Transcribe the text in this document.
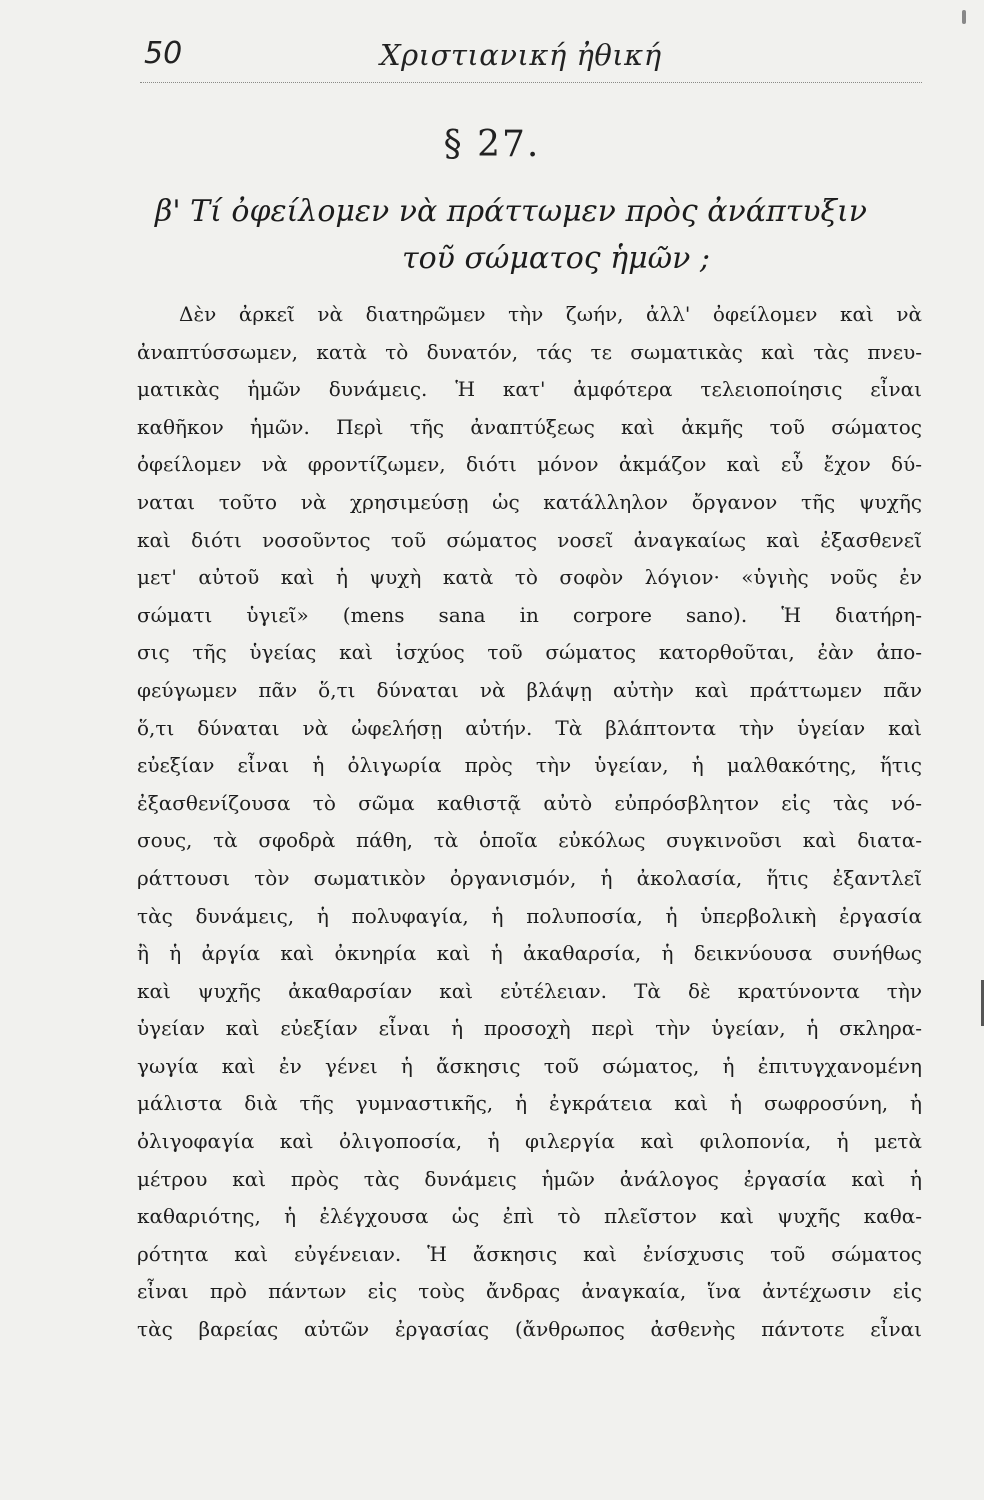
50	Χριστιανική ἠθική
§ 27.
β' Τί ὀφείλομεν νὰ πράττωμεν πρὸς ἀνάπτυξιν
τοῦ σώματος ἡμῶν ;
Δὲν ἀρκεῖ νὰ διατηρῶμεν τὴν ζωήν, ἀλλ' ὀφείλομεν καὶ νὰ
ἀναπτύσσωμεν, κατὰ τὸ δυνατόν, τάς τε σωματικὰς καὶ τὰς πνευ-
ματικὰς ἡμῶν δυνάμεις. Ἡ κατ' ἀμφότερα τελειοποίησις εἶναι
καθῆκον ἡμῶν. Περὶ τῆς ἀναπτύξεως καὶ ἀκμῆς τοῦ σώματος
ὀφείλομεν νὰ φροντίζωμεν, διότι μόνον ἀκμάζον καὶ εὖ ἔχον δύ-
ναται τοῦτο νὰ χρησιμεύσῃ ὡς κατάλληλον ὄργανον τῆς ψυχῆς
καὶ διότι νοσοῦντος τοῦ σώματος νοσεῖ ἀναγκαίως καὶ ἐξασθενεῖ
μετ' αὐτοῦ καὶ ἡ ψυχὴ κατὰ τὸ σοφὸν λόγιον· «ὑγιὴς νοῦς ἐν
σώματι ὑγιεῖ» (mens sana in corpore sano). Ἡ διατήρη-
σις τῆς ὑγείας καὶ ἰσχύος τοῦ σώματος κατορθοῦται, ἐὰν ἀπο-
φεύγωμεν πᾶν ὅ,τι δύναται νὰ βλάψῃ αὐτὴν καὶ πράττωμεν πᾶν
ὅ,τι δύναται νὰ ὠφελήσῃ αὐτήν. Τὰ βλάπτοντα τὴν ὑγείαν καὶ
εὐεξίαν εἶναι ἡ ὀλιγωρία πρὸς τὴν ὑγείαν, ἡ μαλθακότης, ἥτις
ἐξασθενίζουσα τὸ σῶμα καθιστᾷ αὐτὸ εὐπρόσβλητον εἰς τὰς νό-
σους, τὰ σφοδρὰ πάθη, τὰ ὁποῖα εὐκόλως συγκινοῦσι καὶ διατα-
ράττουσι τὸν σωματικὸν ὀργανισμόν, ἡ ἀκολασία, ἥτις ἐξαντλεῖ
τὰς δυνάμεις, ἡ πολυφαγία, ἡ πολυποσία, ἡ ὑπερβολικὴ ἐργασία
ἢ ἡ ἀργία καὶ ὀκνηρία καὶ ἡ ἀκαθαρσία, ἡ δεικνύουσα συνήθως
καὶ ψυχῆς ἀκαθαρσίαν καὶ εὐτέλειαν. Τὰ δὲ κρατύνοντα τὴν
ὑγείαν καὶ εὐεξίαν εἶναι ἡ προσοχὴ περὶ τὴν ὑγείαν, ἡ σκληρα-
γωγία καὶ ἐν γένει ἡ ἄσκησις τοῦ σώματος, ἡ ἐπιτυγχανομένη
μάλιστα διὰ τῆς γυμναστικῆς, ἡ ἐγκράτεια καὶ ἡ σωφροσύνη, ἡ
ὀλιγοφαγία καὶ ὀλιγοποσία, ἡ φιλεργία καὶ φιλοπονία, ἡ μετὰ
μέτρου καὶ πρὸς τὰς δυνάμεις ἡμῶν ἀνάλογος ἐργασία καὶ ἡ
καθαριότης, ἡ ἐλέγχουσα ὡς ἐπὶ τὸ πλεῖστον καὶ ψυχῆς καθα-
ρότητα καὶ εὐγένειαν. Ἡ ἄσκησις καὶ ἐνίσχυσις τοῦ σώματος
εἶναι πρὸ πάντων εἰς τοὺς ἄνδρας ἀναγκαία, ἵνα ἀντέχωσιν εἰς
τὰς βαρείας αὐτῶν ἐργασίας (ἄνθρωπος ἀσθενὴς πάντοτε εἶναι
